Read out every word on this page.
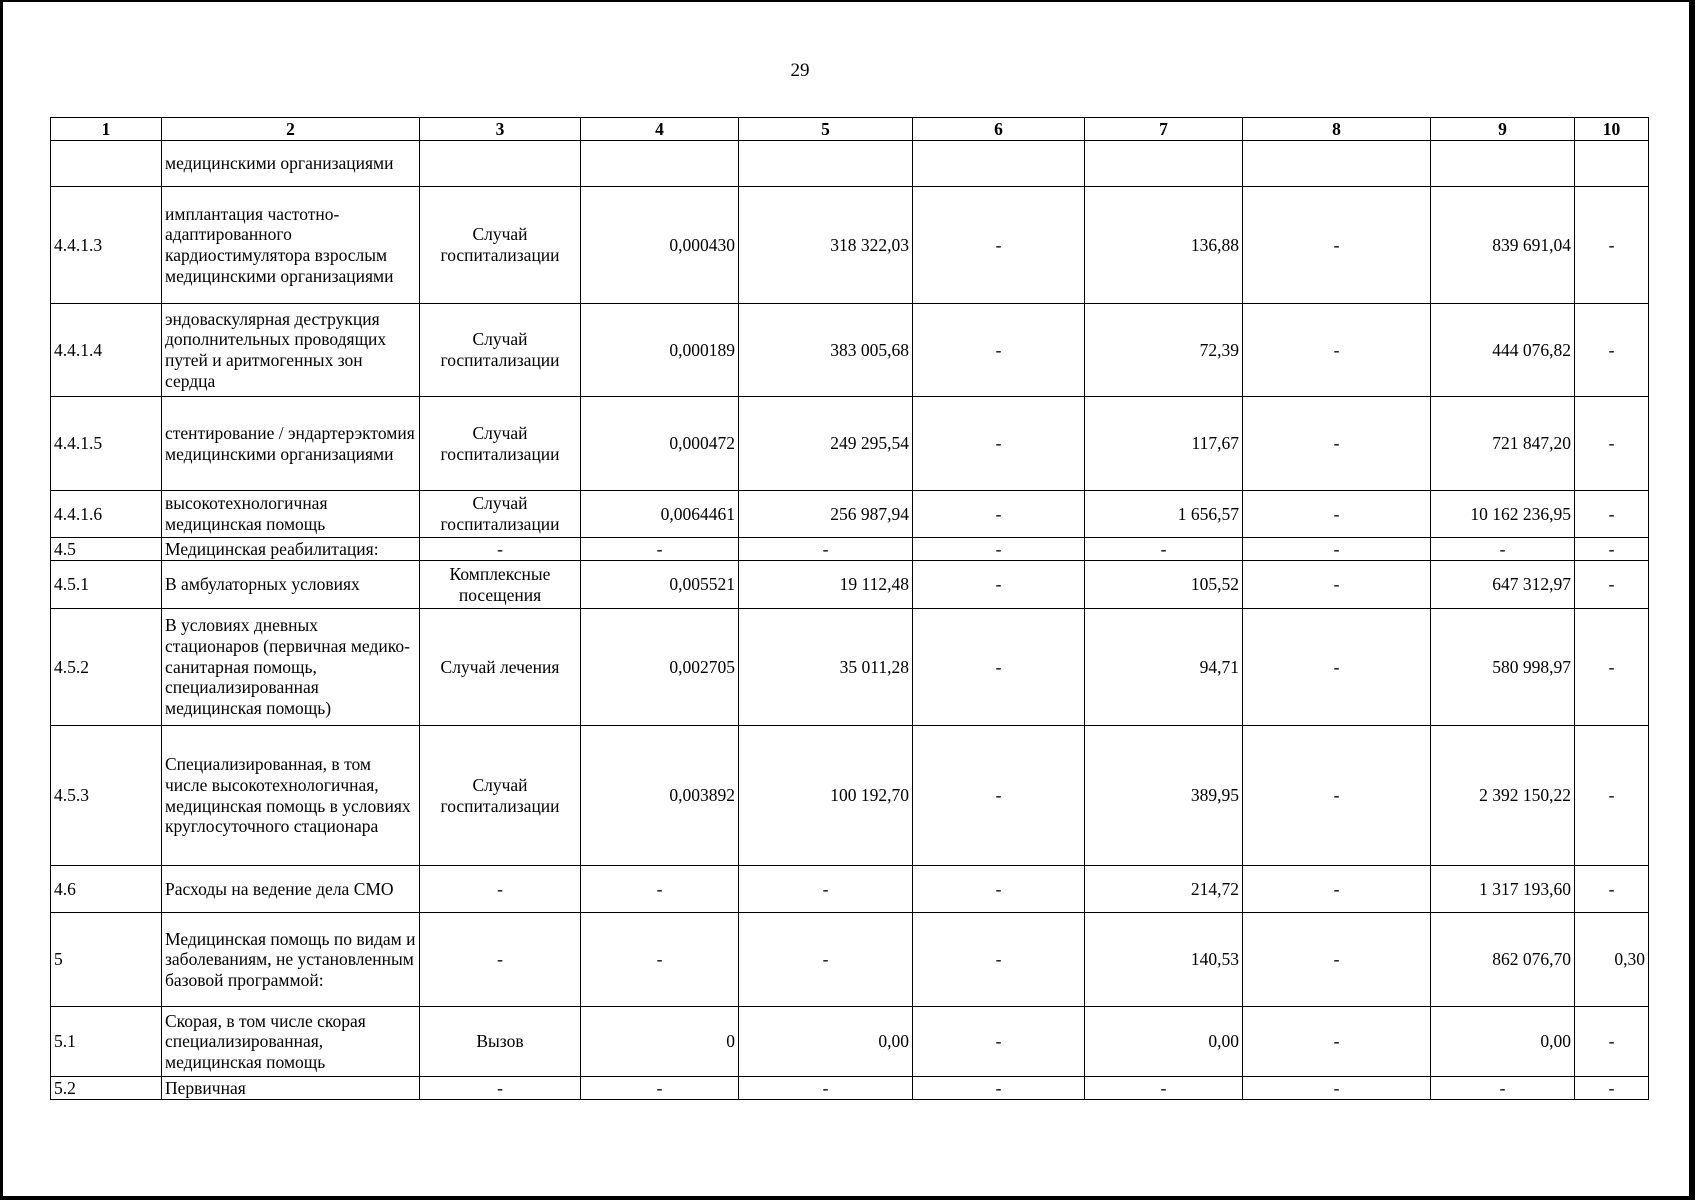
29
1	2	3	4	5	6	7	8	9	10
	медицинскими организациями								
4.4.1.3	имплантация частотно-адаптированного кардиостимулятора взрослым медицинскими организациями	Случай госпитализации	0,000430	318 322,03	-	136,88	-	839 691,04	-
4.4.1.4	эндоваскулярная деструкция дополнительных проводящих путей и аритмогенных зон сердца	Случай госпитализации	0,000189	383 005,68	-	72,39	-	444 076,82	-
4.4.1.5	стентирование / эндартерэктомия медицинскими организациями	Случай госпитализации	0,000472	249 295,54	-	117,67	-	721 847,20	-
4.4.1.6	высокотехнологичная медицинская помощь	Случай госпитализации	0,0064461	256 987,94	-	1 656,57	-	10 162 236,95	-
4.5	Медицинская реабилитация:	-	-	-	-	-	-	-	-
4.5.1	В амбулаторных условиях	Комплексные посещения	0,005521	19 112,48	-	105,52	-	647 312,97	-
4.5.2	В условиях дневных стационаров (первичная медико-санитарная помощь, специализированная медицинская помощь)	Случай лечения	0,002705	35 011,28	-	94,71	-	580 998,97	-
4.5.3	Специализированная, в том числе высокотехнологичная, медицинская помощь в условиях круглосуточного стационара	Случай госпитализации	0,003892	100 192,70	-	389,95	-	2 392 150,22	-
4.6	Расходы на ведение дела СМО	-	-	-	-	214,72	-	1 317 193,60	-
5	Медицинская помощь по видам и заболеваниям, не установленным базовой программой:	-	-	-	-	140,53	-	862 076,70	0,30
5.1	Скорая, в том числе скорая специализированная, медицинская помощь	Вызов	0	0,00	-	0,00	-	0,00	-
5.2	Первичная	-	-	-	-	-	-	-	-
